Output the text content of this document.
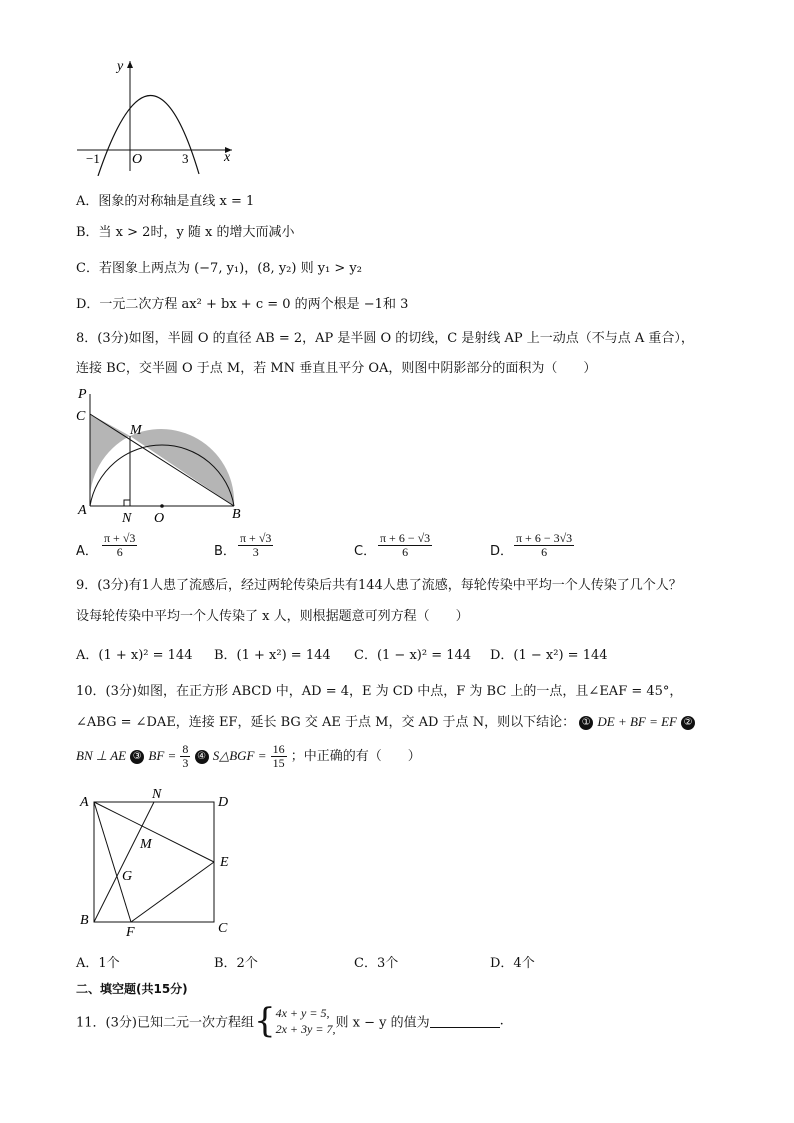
y
x
−1 O	3
A．图象的对称轴是直线 x = 1
B．当 x > 2时，y 随 x 的增大而减小
C．若图象上两点为 (−7, y₁)，(8, y₂) 则 y₁ > y₂
D．一元二次方程 ax² + bx + c = 0 的两个根是 −1和 3
8．(3分)如图，半圆 O 的直径 AB = 2，AP 是半圆 O 的切线，C 是射线 AP 上一动点（不与点 A 重合），
连接 BC，交半圆 O 于点 M，若 MN 垂直且平分 OA，则图中阴影部分的面积为（　　）
P
C
M
A
N O	B
A． $\frac{\pi + √3}{6}$	B． $\frac{\pi + √3}{3}$	C． $\frac{\pi + 6 - √3}{6}$	D． $\frac{\pi + 6 - 3√3}{6}$
9．(3分)有1人患了流感后，经过两轮传染后共有144人患了流感，每轮传染中平均一个人传染了几个人？
设每轮传染中平均一个人传染了 x 人，则根据题意可列方程（　　）
A．(1 + x)² = 144 B．(1 + x²) = 144 C．(1 − x)² = 144 D．(1 − x²) = 144
10．(3分)如图，在正方形 ABCD 中，AD = 4，E 为 CD 中点，F 为 BC 上的一点，且∠EAF = 45°，
∠ABG = ∠DAE，连接 EF，延长 BG 交 AE 于点 M，交 AD 于点 N，则以下结论： ① DE + BF = EF ②
BN ⊥ AE ③ BF = $\frac{8}{3}$ ④ S△BGF = $\frac{16}{15}$ ；中正确的有（　　）
A
N
D
M
E
G
B
F	C
A．1个	B．2个	C．3个	D．4个
二、填空题(共15分)
11．(3分)已知二元一次方程组{ 4x + y = 5,
2x + 3y = 7, 则 x − y 的值为	.
